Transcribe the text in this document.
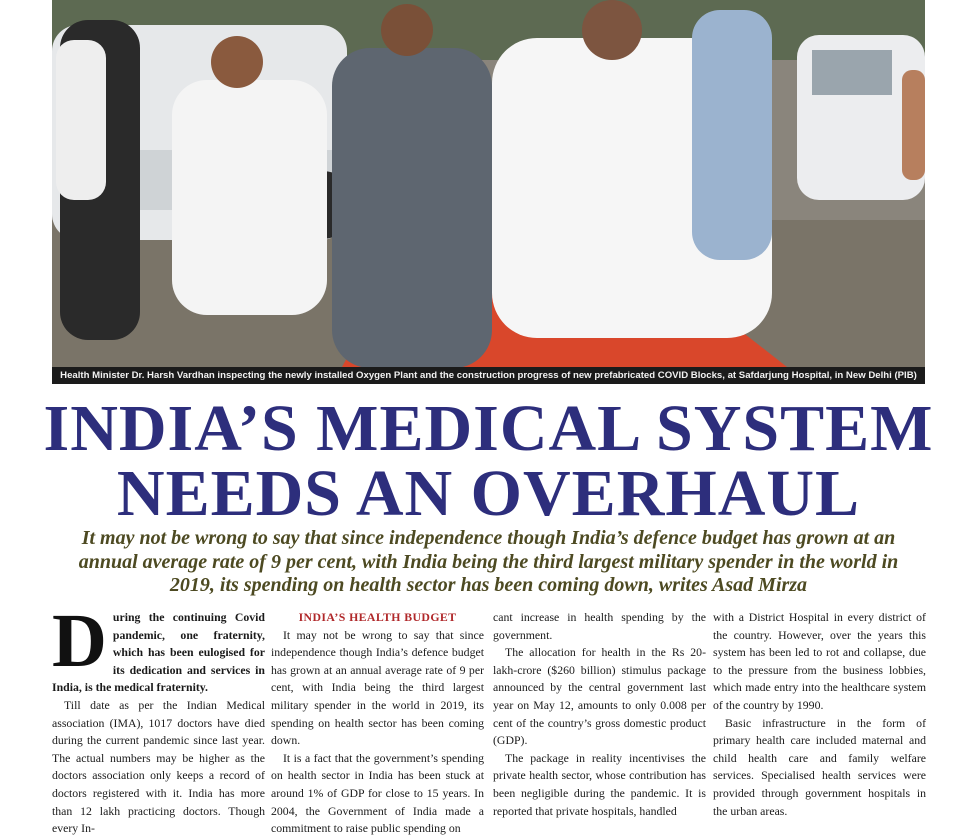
Health Minister Dr. Harsh Vardhan inspecting the newly installed Oxygen Plant and the construction progress of new prefabricated COVID Blocks, at Safdarjung Hospital, in New Delhi (PIB)
INDIA’S MEDICAL SYSTEM
NEEDS AN OVERHAUL
It may not be wrong to say that since independence though India’s defence budget has grown at an annual average rate of 9 per cent, with India being the third largest military spender in the world in 2019, its spending on health sector has been coming down, writes Asad Mirza
D uring the continuing Covid pandemic, one fraternity, which has been eulogised for its dedication and services in India, is the medical fraternity.

Till date as per the Indian Medical association (IMA), 1017 doctors have died during the current pandemic since last year. The actual numbers may be higher as the doctors association only keeps a record of doctors registered with it. India has more than 12 lakh practicing doctors. Though every In-

INDIA’S HEALTH BUDGET

It may not be wrong to say that since independence though India’s defence budget has grown at an annual average rate of 9 per cent, with India being the third largest military spender in the world in 2019, its spending on health sector has been coming down.

It is a fact that the government’s spending on health sector in India has been stuck at around 1% of GDP for close to 15 years. In 2004, the Government of India made a commitment to raise public spending on

cant increase in health spending by the government.

The allocation for health in the Rs 20-lakh-crore ($260 billion) stimulus package announced by the central government last year on May 12, amounts to only 0.008 per cent of the country’s gross domestic product (GDP).

The package in reality incentivises the private health sector, whose contribution has been negligible during the pandemic. It is reported that private hospitals, handled

with a District Hospital in every district of the country. However, over the years this system has been led to rot and collapse, due to the pressure from the business lobbies, which made entry into the healthcare system of the country by 1990.

Basic infrastructure in the form of primary health care included maternal and child health care and family welfare services. Specialised health services were provided through government hospitals in the urban areas.
